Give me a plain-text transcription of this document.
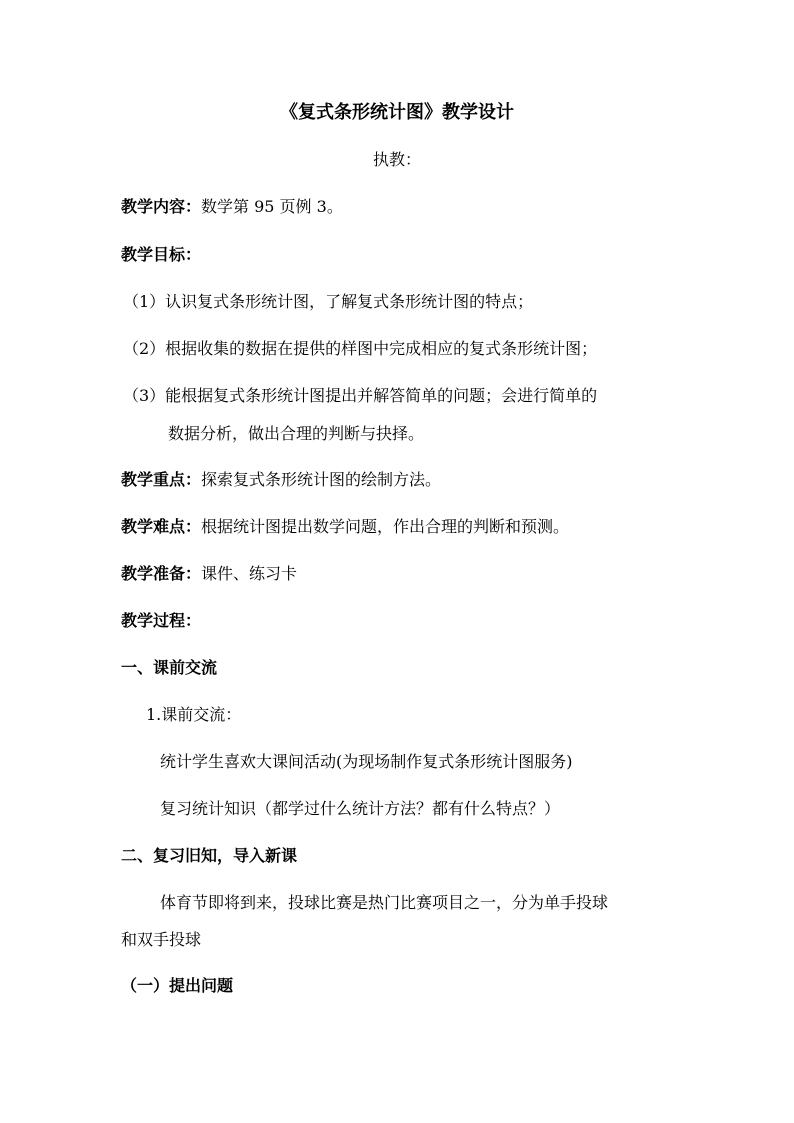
《复式条形统计图》教学设计
执教：
教学内容：数学第 95 页例 3。
教学目标：
（1）认识复式条形统计图，了解复式条形统计图的特点；
（2）根据收集的数据在提供的样图中完成相应的复式条形统计图；
（3）能根据复式条形统计图提出并解答简单的问题；会进行简单的
数据分析，做出合理的判断与抉择。
教学重点：探索复式条形统计图的绘制方法。
教学难点：根据统计图提出数学问题，作出合理的判断和预测。
教学准备：课件、练习卡
教学过程：
一、课前交流
1.课前交流：
统计学生喜欢大课间活动(为现场制作复式条形统计图服务)
复习统计知识（都学过什么统计方法？都有什么特点？）
二、复习旧知，导入新课
体育节即将到来，投球比赛是热门比赛项目之一，分为单手投球
和双手投球
（一）提出问题
